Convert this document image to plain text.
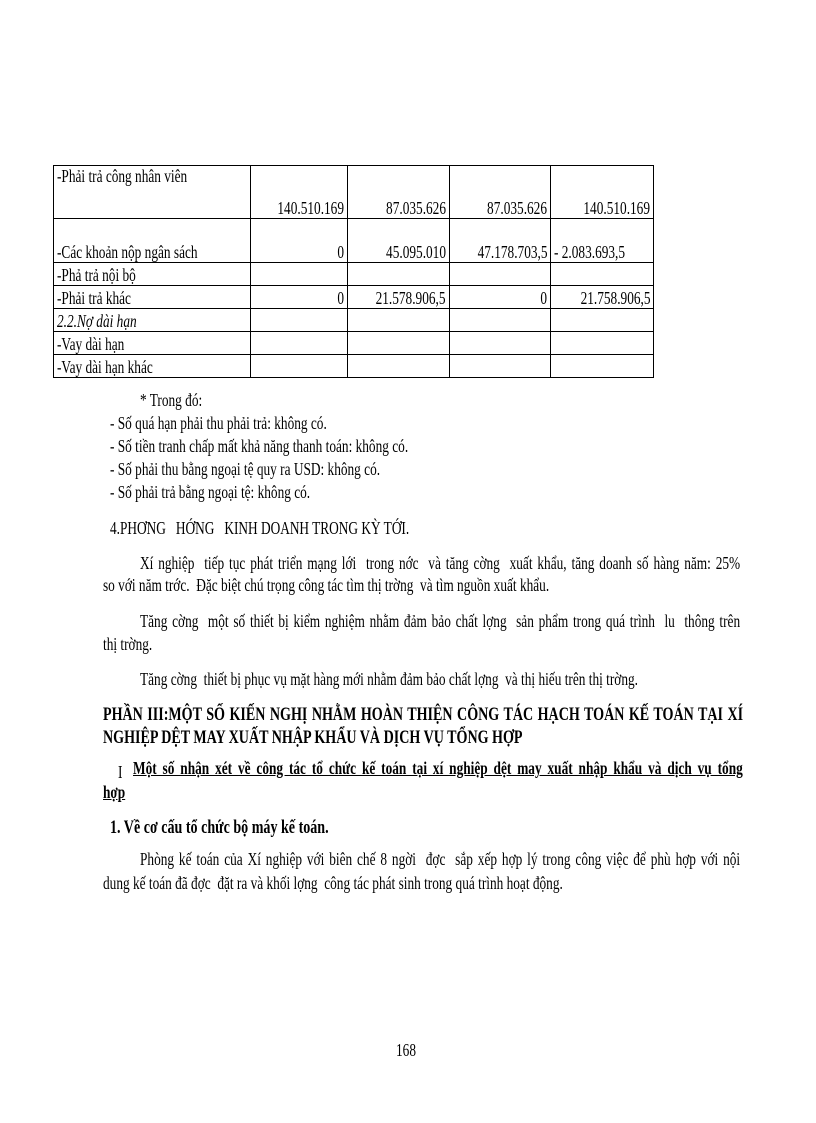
-Phải trả công nhân viên	140.510.169	87.035.626	87.035.626	140.510.169
-Các khoản nộp ngân sách	0	45.095.010	47.178.703,5	- 2.083.693,5
-Phả trả nội bộ				
-Phải trả khác	0	21.578.906,5	0	21.758.906,5
2.2.Nợ dài hạn				
-Vay dài hạn				
-Vay dài hạn khác				
* Trong đó:
- Số quá hạn phải thu phải trả: không có.
- Số tiền tranh chấp mất khả năng thanh toán: không có.
- Số phải thu bằng ngoại tệ quy ra USD: không có.
- Số phải trả bằng ngoại tệ: không có.
4.PHƠNG   HỚNG   KINH DOANH TRONG KỲ TỚI.
Xí nghiệp  tiếp tục phát triển mạng lới  trong nớc  và tăng cờng  xuất khẩu, tăng doanh số hàng năm: 25%
so với năm trớc.  Đặc biệt chú trọng công tác tìm thị trờng  và tìm nguồn xuất khẩu.
Tăng cờng  một số thiết bị kiểm nghiệm nhằm đảm bảo chất lợng  sản phẩm trong quá trình  lu  thông trên
thị trờng.
Tăng cờng  thiết bị phục vụ mặt hàng mới nhằm đảm bảo chất lợng  và thị hiếu trên thị trờng.
PHẦN III:MỘT SỐ KIẾN NGHỊ NHẰM HOÀN THIỆN CÔNG TÁC HẠCH TOÁN KẾ TOÁN TẠI XÍ
NGHIỆP DỆT MAY XUẤT NHẬP KHẨU VÀ DỊCH VỤ TỔNG HỢP
I Một số nhận xét về công tác tổ chức kế toán tại xí nghiệp dệt may xuất nhập khẩu và dịch vụ tổng
hợp
1. Về cơ cấu tổ chức bộ máy kế toán.
Phòng kế toán của Xí nghiệp với biên chế 8 ngời  đợc  sắp xếp hợp lý trong công việc để phù hợp với nội
dung kế toán đã đợc  đặt ra và khối lợng  công tác phát sinh trong quá trình hoạt động.
168
